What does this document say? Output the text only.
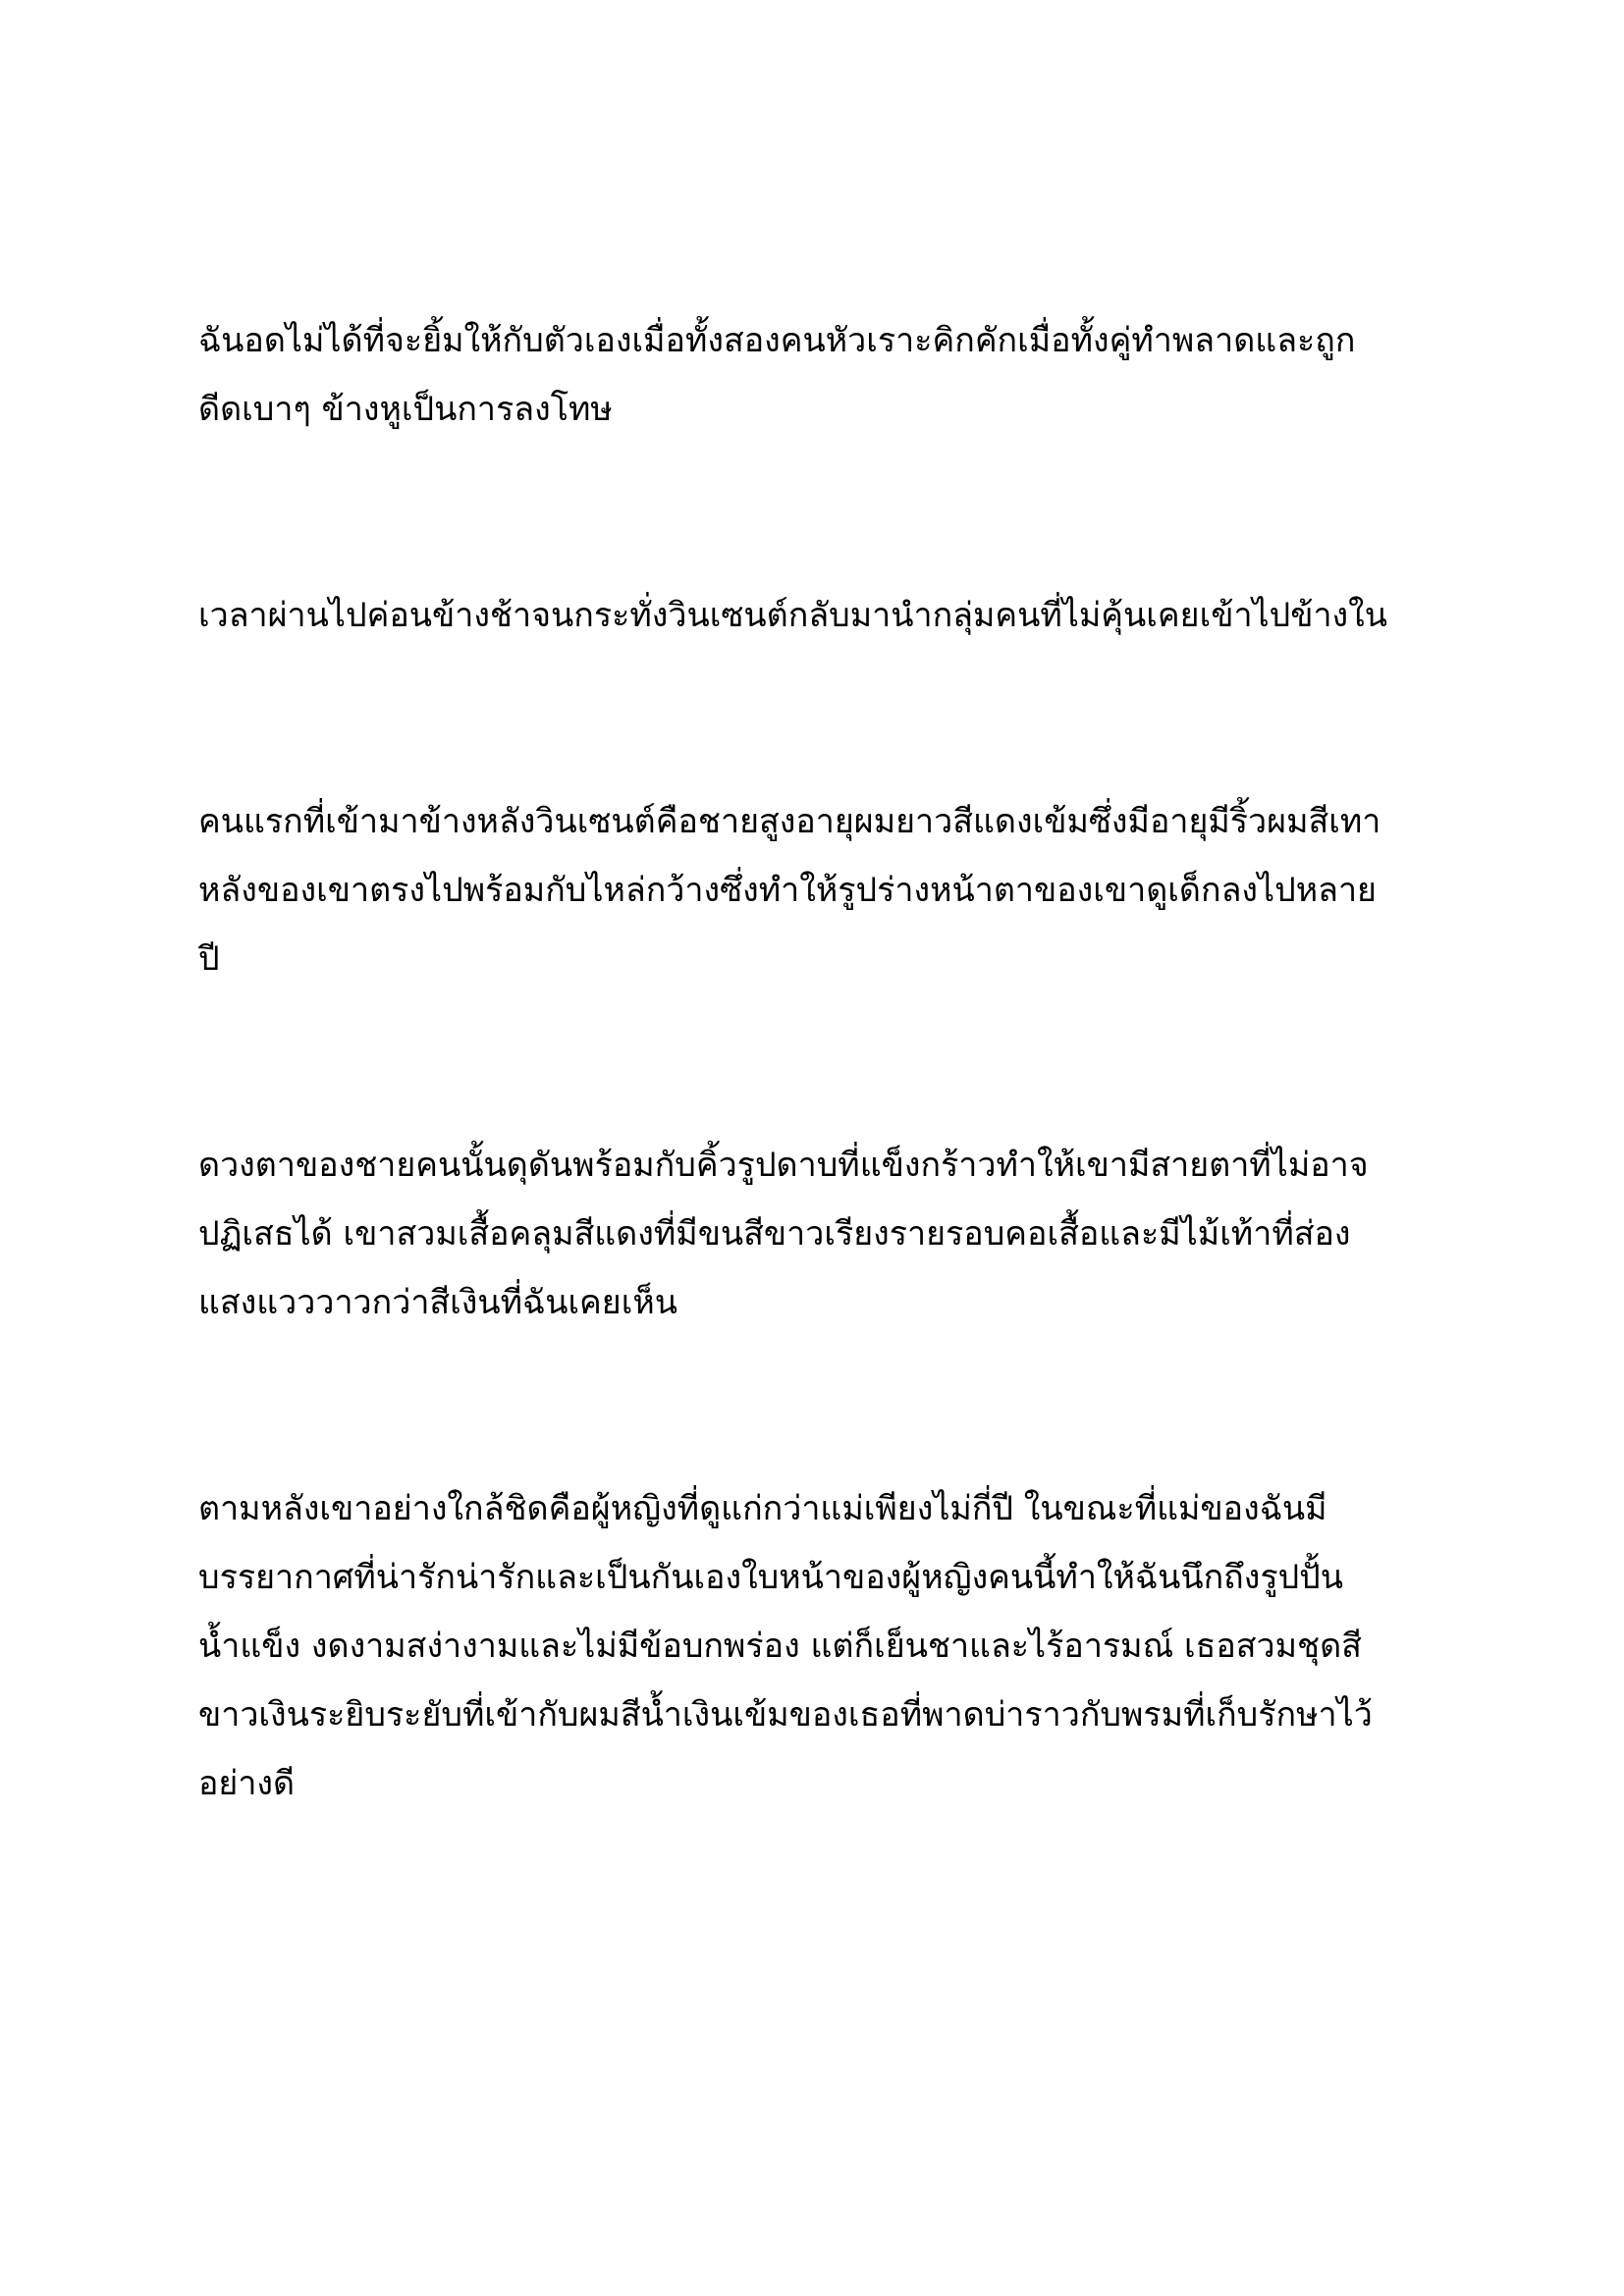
ฉันอดไม่ได้ที่จะยิ้มให้กับตัวเองเมื่อทั้งสองคนหัวเราะคิกคักเมื่อทั้งคู่ทำพลาดและถูก
ดีดเบาๆ ข้างหูเป็นการลงโทษ

เวลาผ่านไปค่อนข้างช้าจนกระทั่งวินเซนต์กลับมานำกลุ่มคนที่ไม่คุ้นเคยเข้าไปข้างใน

คนแรกที่เข้ามาข้างหลังวินเซนต์คือชายสูงอายุผมยาวสีแดงเข้มซึ่งมีอายุมีริ้วผมสีเทา
หลังของเขาตรงไปพร้อมกับไหล่กว้างซึ่งทำให้รูปร่างหน้าตาของเขาดูเด็กลงไปหลาย
ปี

ดวงตาของชายคนนั้นดุดันพร้อมกับคิ้วรูปดาบที่แข็งกร้าวทำให้เขามีสายตาที่ไม่อาจ
ปฏิเสธได้ เขาสวมเสื้อคลุมสีแดงที่มีขนสีขาวเรียงรายรอบคอเสื้อและมีไม้เท้าที่ส่อง
แสงแวววาวกว่าสีเงินที่ฉันเคยเห็น

ตามหลังเขาอย่างใกล้ชิดคือผู้หญิงที่ดูแก่กว่าแม่เพียงไม่กี่ปี ในขณะที่แม่ของฉันมี
บรรยากาศที่น่ารักน่ารักและเป็นกันเองใบหน้าของผู้หญิงคนนี้ทำให้ฉันนึกถึงรูปปั้น
น้ำแข็ง งดงามสง่างามและไม่มีข้อบกพร่อง แต่ก็เย็นชาและไร้อารมณ์ เธอสวมชุดสี
ขาวเงินระยิบระยับที่เข้ากับผมสีน้ำเงินเข้มของเธอที่พาดบ่าราวกับพรมที่เก็บรักษาไว้
อย่างดี
